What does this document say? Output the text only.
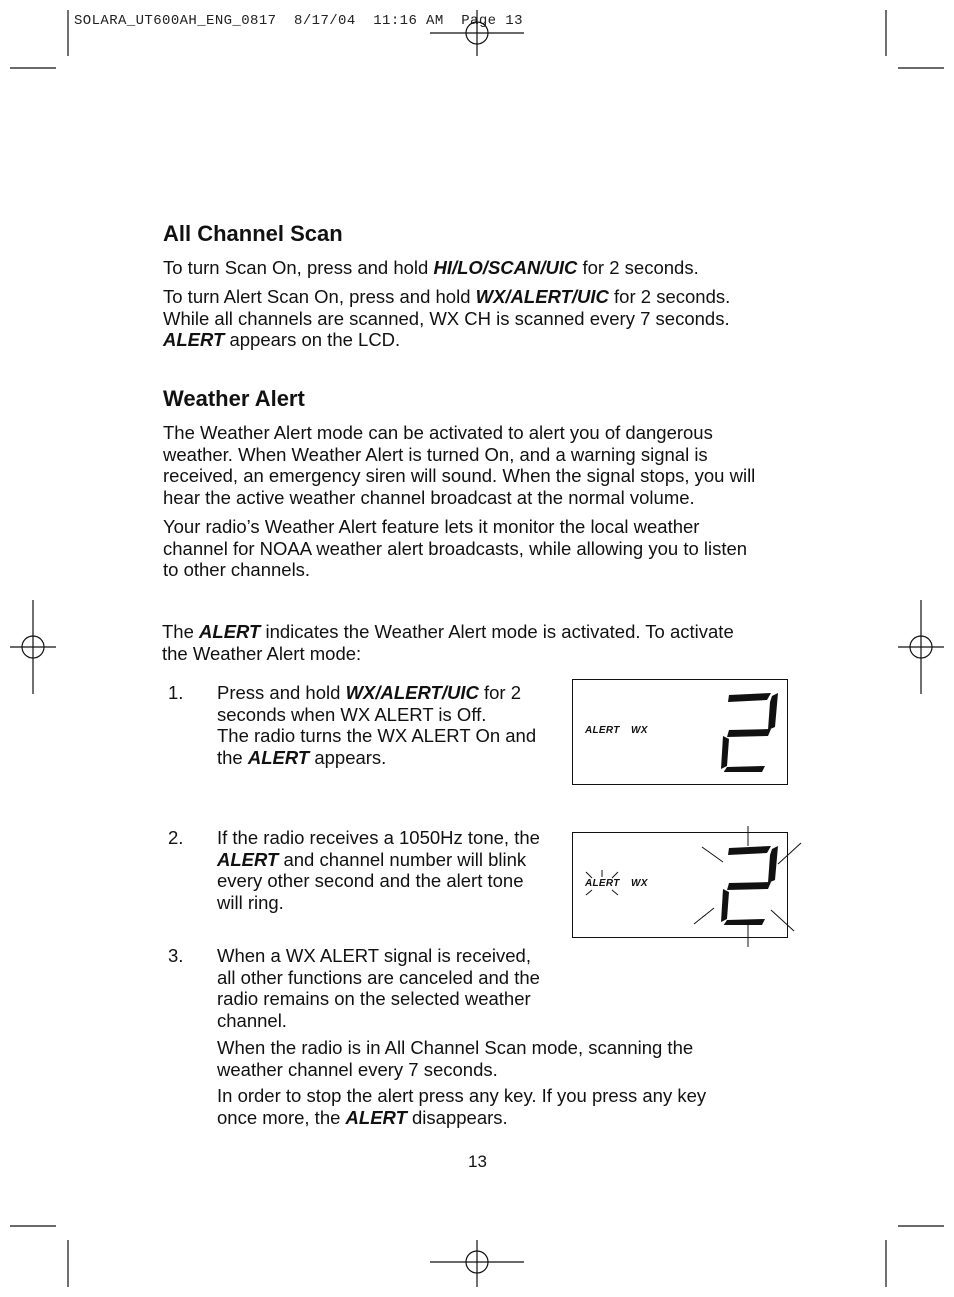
SOLARA_UT600AH_ENG_0817  8/17/04  11:16 AM  Page 13
All Channel Scan

To turn Scan On, press and hold HI/LO/SCAN/UIC for 2 seconds.

To turn Alert Scan On, press and hold WX/ALERT/UIC for 2 seconds.

While all channels are scanned, WX CH is scanned every 7 seconds.

ALERT appears on the LCD.

Weather Alert

The Weather Alert mode can be activated to alert you of dangerous

weather. When Weather Alert is turned On, and a warning signal is

received, an emergency siren will sound. When the signal stops, you will

hear the active weather channel broadcast at the normal volume.

Your radio’s Weather Alert feature lets it monitor the local weather

channel for NOAA weather alert broadcasts, while allowing you to listen

to other channels.

The ALERT indicates the Weather Alert mode is activated. To activate

the Weather Alert mode:

1. Press and hold WX/ALERT/UIC for 2

seconds when WX ALERT is Off.

The radio turns the WX ALERT On and

the ALERT appears.

ALERT WX
2. If the radio receives a 1050Hz tone, the

ALERT and channel number will blink

every other second and the alert tone

will ring.

ALERT WX
3. When a WX ALERT signal is received,

all other functions are canceled and the

radio remains on the selected weather

channel.

When the radio is in All Channel Scan mode, scanning the

weather channel every 7 seconds.

In order to stop the alert press any key. If you press any key

once more, the ALERT disappears.

13
